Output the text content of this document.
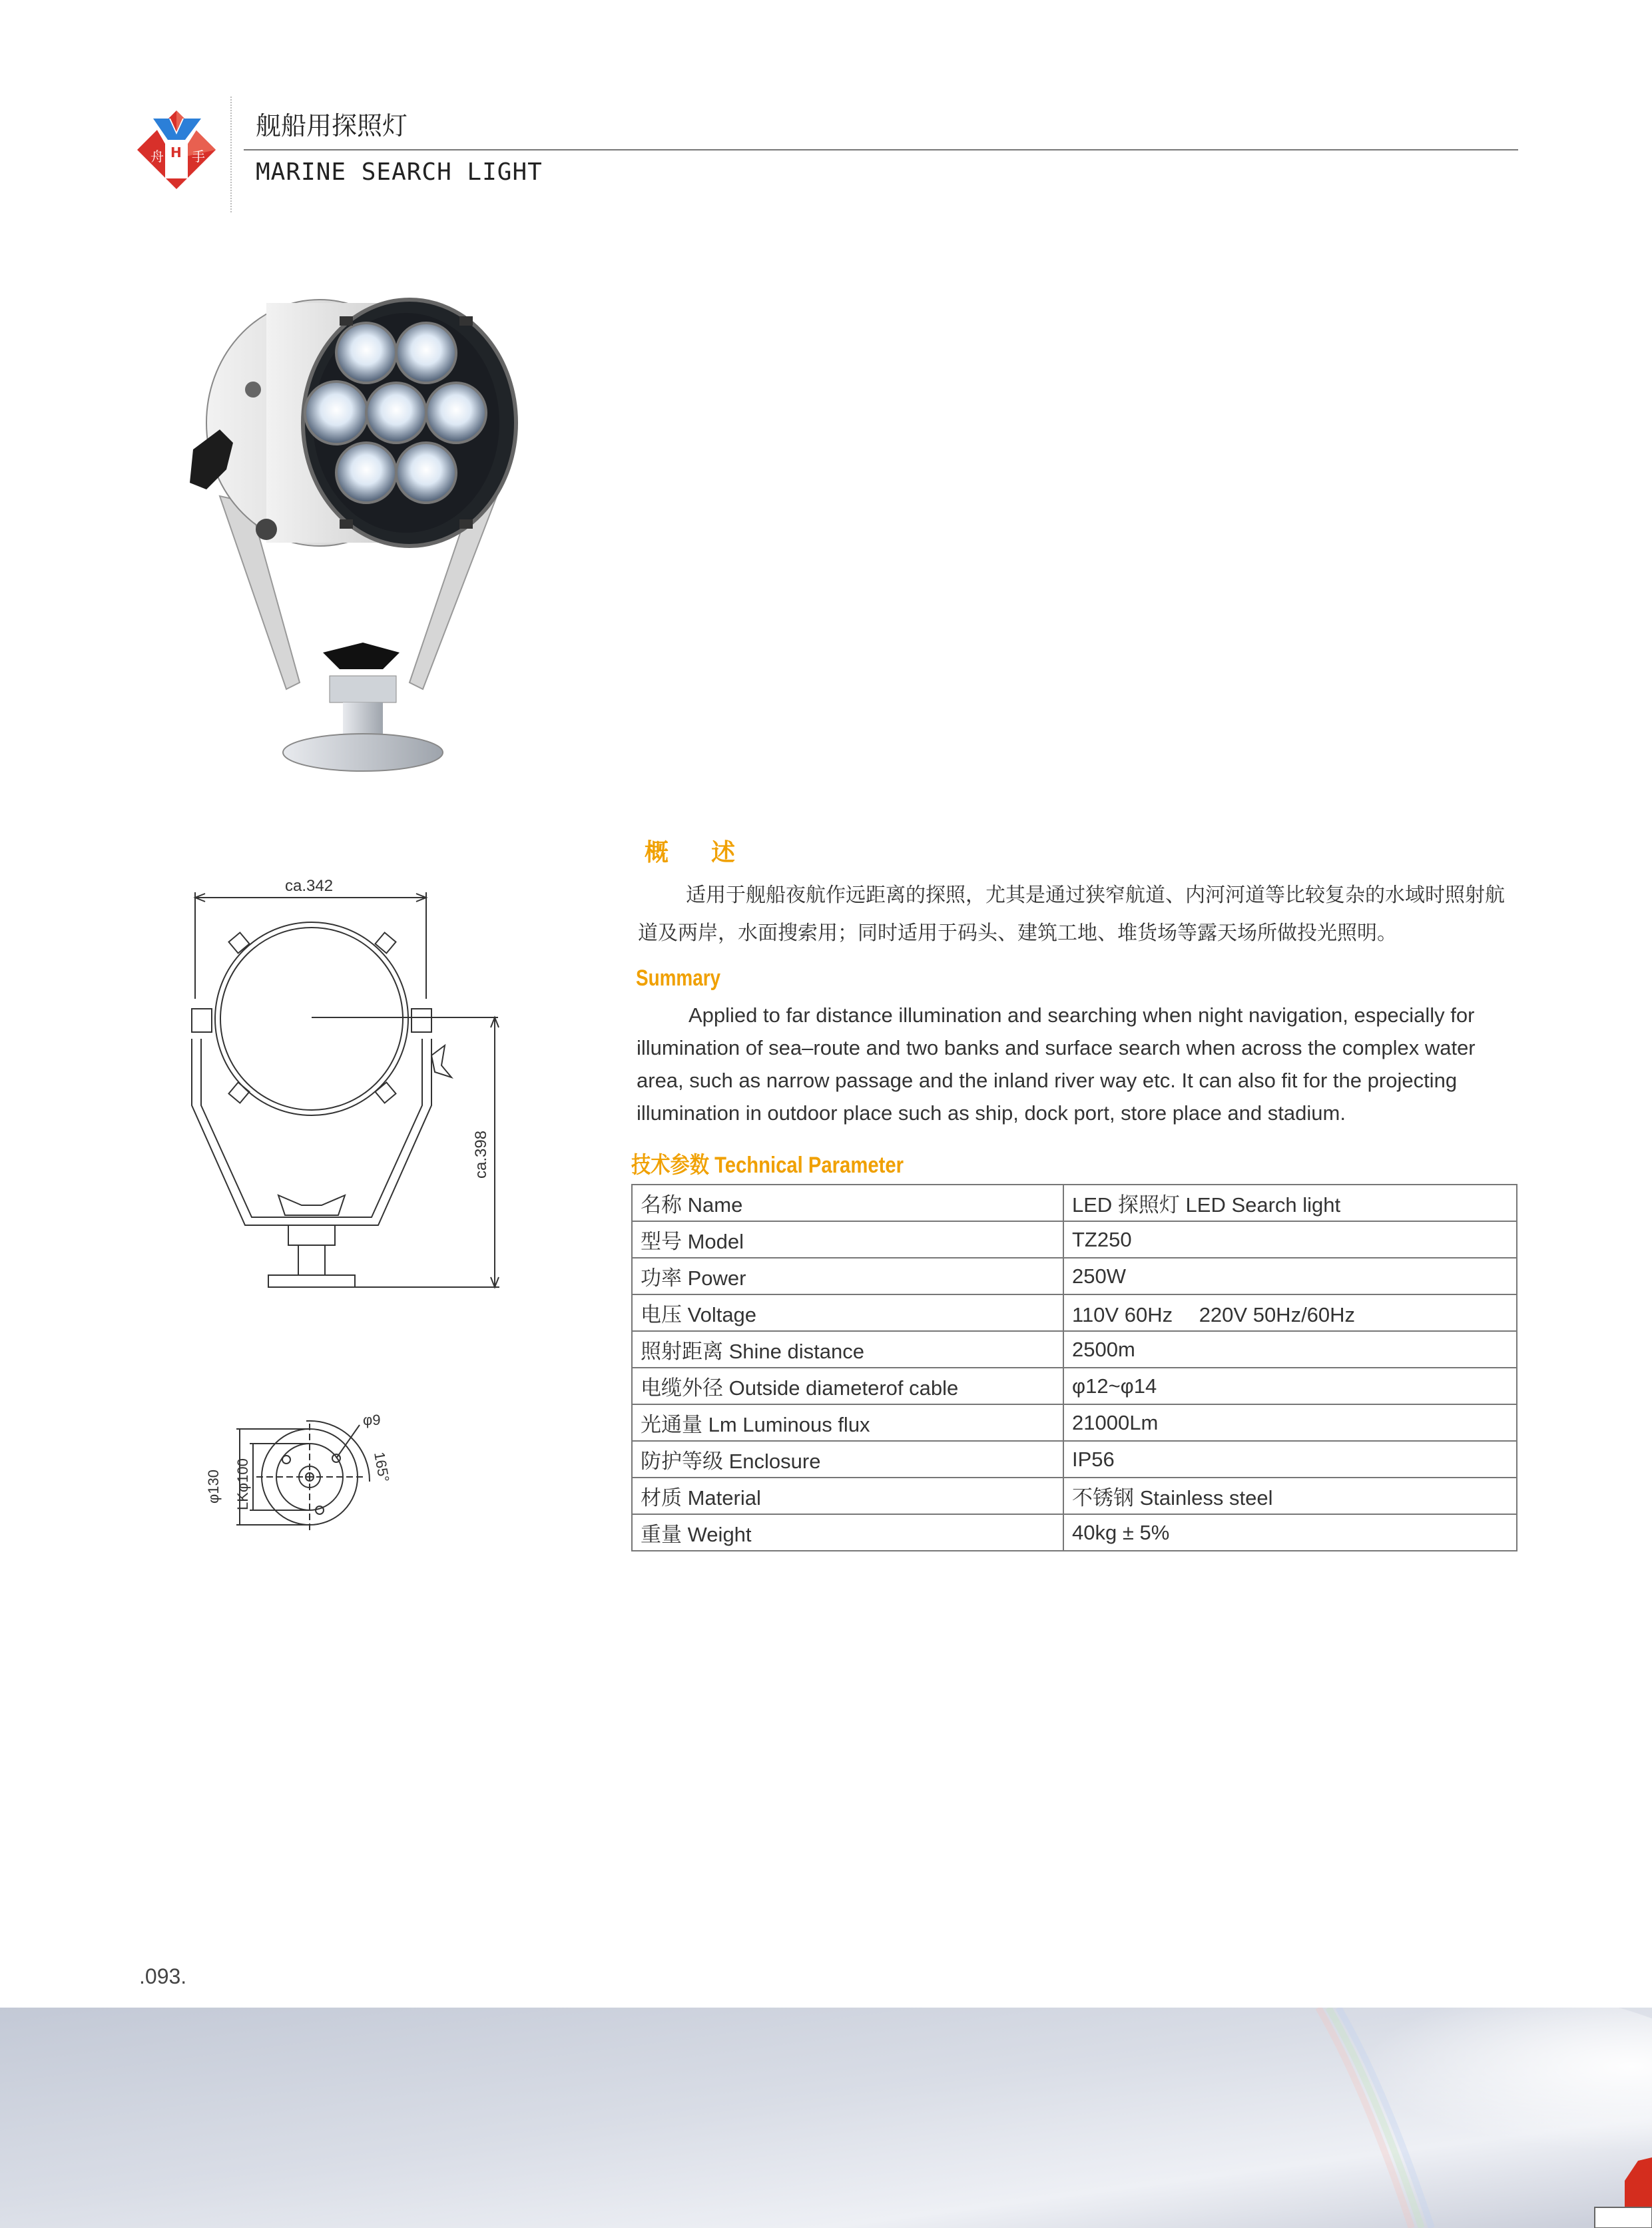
舟 H 手
舰船用探照灯
MARINE SEARCH LIGHT
ca.342
ca.398
φ130 LKφ100
φ9
165°
概　述
适用于舰船夜航作远距离的探照，尤其是通过狭窄航道、内河河道等比较复杂的水域时照射航道及两岸，水面搜索用；同时适用于码头、建筑工地、堆货场等露天场所做投光照明。
Summary
Applied to far distance illumination and searching when night navigation, especially for illumination of sea–route and two banks and surface search when across the complex water area, such as narrow passage and the inland river way etc. It can also fit for the projecting illumination in outdoor place such as ship, dock port, store place and stadium.
技术参数 Technical Parameter
名称 Name	LED 探照灯 LED Search light
型号 Model	TZ250
功率 Power	250W
电压 Voltage	110V 60Hz　 220V 50Hz/60Hz
照射距离 Shine distance	2500m
电缆外径 Outside diameterof cable	φ12~φ14
光通量 Lm Luminous flux	21000Lm
防护等级 Enclosure	IP56
材质 Material	不锈钢 Stainless steel
重量 Weight	40kg ± 5%
.093.
